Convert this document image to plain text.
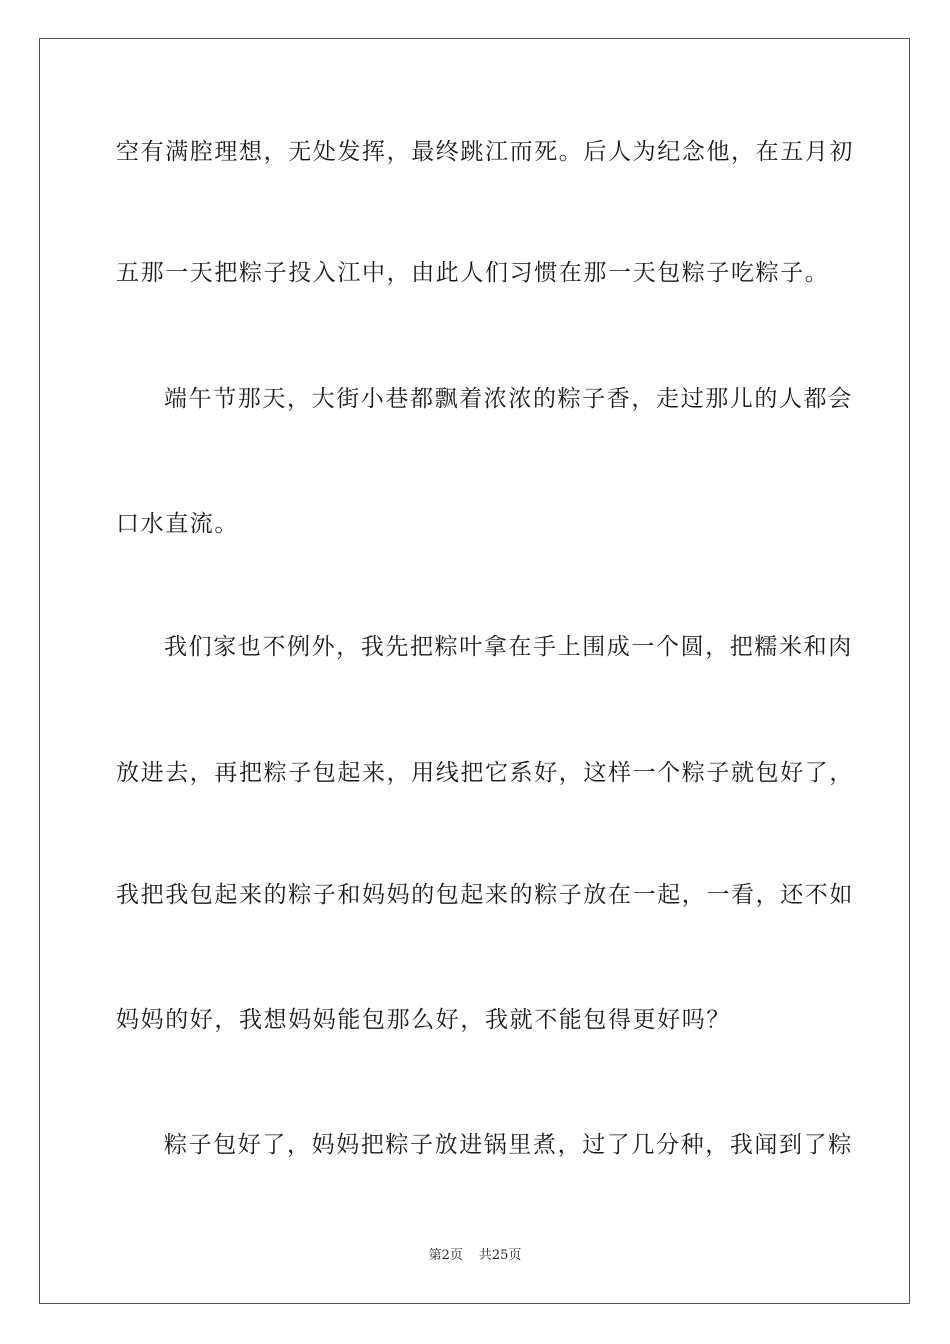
空有满腔理想，无处发挥，最终跳江而死。后人为纪念他，在五月初
五那一天把粽子投入江中，由此人们习惯在那一天包粽子吃粽子。
端午节那天，大街小巷都飘着浓浓的粽子香，走过那儿的人都会
口水直流。
我们家也不例外，我先把粽叶拿在手上围成一个圆，把糯米和肉
放进去，再把粽子包起来，用线把它系好，这样一个粽子就包好了，
我把我包起来的粽子和妈妈的包起来的粽子放在一起，一看，还不如
妈妈的好，我想妈妈能包那么好，我就不能包得更好吗？
粽子包好了，妈妈把粽子放进锅里煮，过了几分种，我闻到了粽
第2页 共25页
